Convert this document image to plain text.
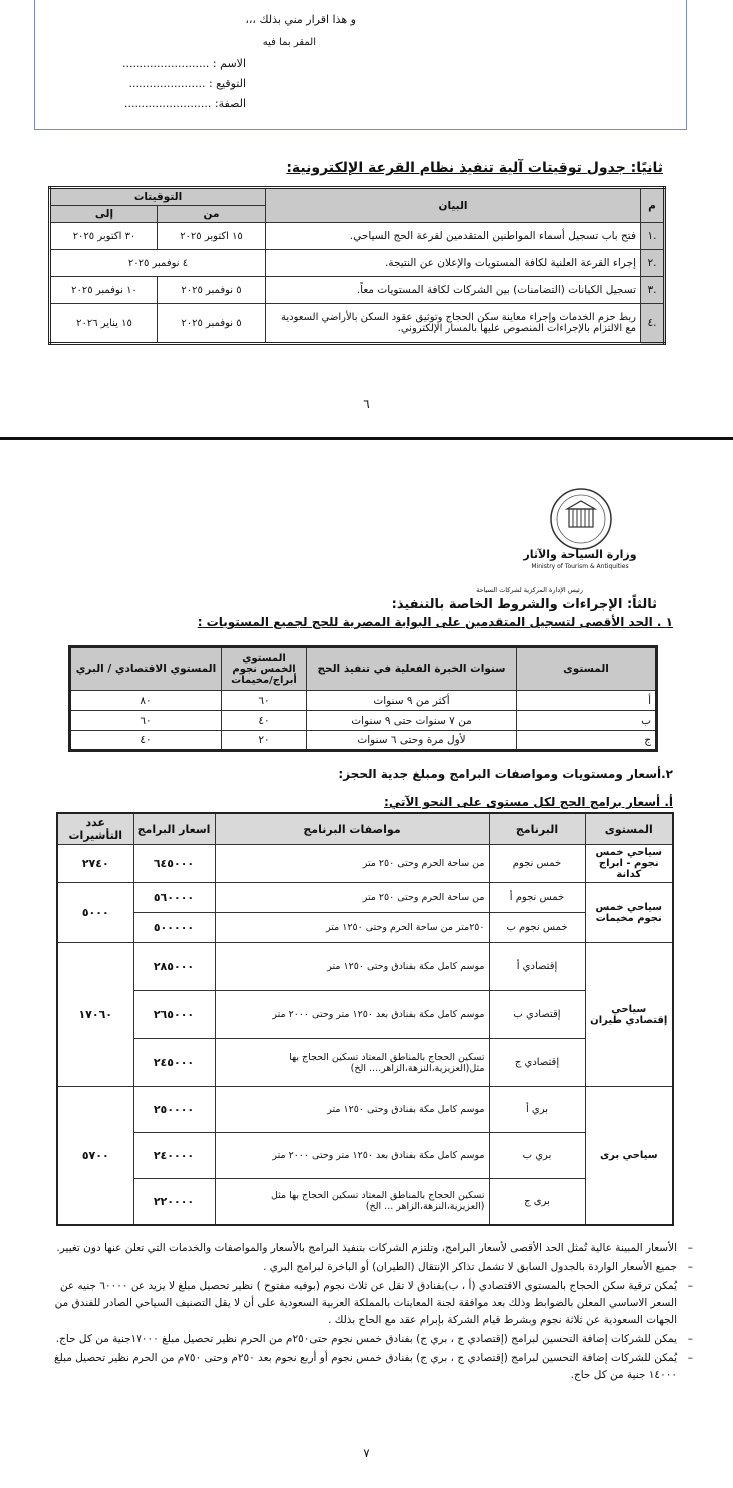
و هذا اقرار مني بذلك ،،،
المقر بما فيه
الاسم : .........................
التوقيع : ......................
الصفة: .........................
ثانيًا: جدول توقيتات آلية تنفيذ نظام القرعة الإلكترونية:
م	البيان	التوقيتات	
		من	إلى
.١	فتح باب تسجيل أسماء المواطنين المتقدمين لقرعة الحج السياحي.	١٥ اكتوبر ٢٠٢٥	٣٠ اكتوبر ٢٠٢٥
.٢	إجراء القرعة العلنية لكافة المستويات والإعلان عن النتيجة.	٤ نوفمبر ٢٠٢٥	
.٣	تسجيل الكيانات (التضامنات) بين الشركات لكافة المستويات معاً.	٥ نوفمبر ٢٠٢٥	١٠ نوفمبر ٢٠٢٥
.٤	ربط حزم الخدمات وإجراء معاينة سكن الحجاج وتوثيق عقود السكن بالأراضي السعودية مع الالتزام بالإجراءات المنصوص عليها بالمسار الإلكتروني.	٥ نوفمبر ٢٠٢٥	١٥ يناير ٢٠٢٦
٦
وزارة السياحة والآثار
Ministry of Tourism & Antiquities
رئيس الإدارة المركزية لشركات السياحة
ثالثاً: الإجراءات والشروط الخاصة بالتنفيذ:
١ . الحد الأقصى لتسجيل المتقدمين على البوابة المصرية للحج لجميع المستويات :
المستوى	سنوات الخبرة الفعلية في تنفيذ الحج	المستوي الخمس نجوم أبراج/مخيمات	المستوي الاقتصادي / البري
أ	أكثر من ٩ سنوات	٦٠	٨٠
ب	من ٧ سنوات حتى ٩ سنوات	٤٠	٦٠
ج	لأول مرة وحتى ٦ سنوات	٢٠	٤٠
٢.أسعار ومستويات ومواصفات البرامج ومبلغ جدية الحجز:
أ. أسعار برامج الحج لكل مستوى على النحو الآتي:
المستوى	البرنامج	مواصفات البرنامج	اسعار البرامج	عدد التأشيرات
سياحي خمس نجوم - ابراج كدانة	خمس نجوم	من ساحة الحرم وحتى ٢٥٠ متر	٦٤٥٠٠٠	٢٧٤٠
سياحي خمس نجوم مخيمات	خمس نجوم أ	من ساحة الحرم وحتى ٢٥٠ متر	٥٦٠٠٠٠	٥٠٠٠
	خمس نجوم ب	٢٥٠متر من ساحة الحرم وحتى ١٢٥٠ متر	٥٠٠٠٠٠	
سياحي إقتصادي طيران	إقتصادي أ	موسم كامل مكة بفنادق وحتى ١٢٥٠ متر	٢٨٥٠٠٠	١٧٠٦٠
	إقتصادي ب	موسم كامل مكة بفنادق بعد ١٢٥٠ متر وحتى ٢٠٠٠ متر	٢٦٥٠٠٠	
	إقتصادي ج	تسكين الحجاج بالمناطق المعتاد تسكين الحجاج بها مثل(العزيزية،النزهة،الزاهر.... الخ)	٢٤٥٠٠٠	
سياحي برى	بري أ	موسم كامل مكة بفنادق وحتى ١٢٥٠ متر	٢٥٠٠٠٠	٥٧٠٠
	بري ب	موسم كامل مكة بفنادق بعد ١٢٥٠ متر وحتى ٢٠٠٠ متر	٢٤٠٠٠٠	
	برى ج	تسكين الحجاج بالمناطق المعتاد تسكين الحجاج بها مثل (العزيزية،النزهة،الزاهر ... الخ)	٢٢٠٠٠٠	
– الأسعار المبينة عالية تُمثل الحد الأقصى لأسعار البرامج، وتلتزم الشركات بتنفيذ البرامج بالأسعار والمواصفات والخدمات التي تعلن عنها دون تغيير.
– جميع الأسعار الواردة بالجدول السابق لا تشمل تذاكر الإنتقال (الطيران) أو الباخرة لبرامج البري .
– يُمكن ترقية سكن الحجاج بالمستوى الاقتصادي (أ ، ب)بفنادق لا تقل عن ثلاث نجوم (بوفيه مفتوح ) نظير تحصيل مبلغ لا يزيد عن ٦٠٠٠٠ جنيه عن السعر الاساسي المعلن بالضوابط وذلك بعد موافقة لجنة المعاينات بالمملكة العربية السعودية على أن لا يقل التصنيف السياحي الصادر للفندق من الجهات السعودية عن ثلاثة نجوم وبشرط قيام الشركة بإبرام عقد مع الحاج بذلك .
– يمكن للشركات إضافة التحسين لبرامج (إقتصادي ج ، بري ج) بفنادق خمس نجوم حتى٢٥٠م من الحرم نظير تحصيل مبلغ ١٧٠٠٠جنية من كل حاج.
– يُمكن للشركات إضافة التحسين لبرامج (إقتصادي ج ، بري ج) بفنادق خمس نجوم أو أربع نجوم بعد ٢٥٠م وحتى ٧٥٠م من الحرم نظير تحصيل مبلغ ١٤٠٠٠ جنية من كل حاج.
٧
